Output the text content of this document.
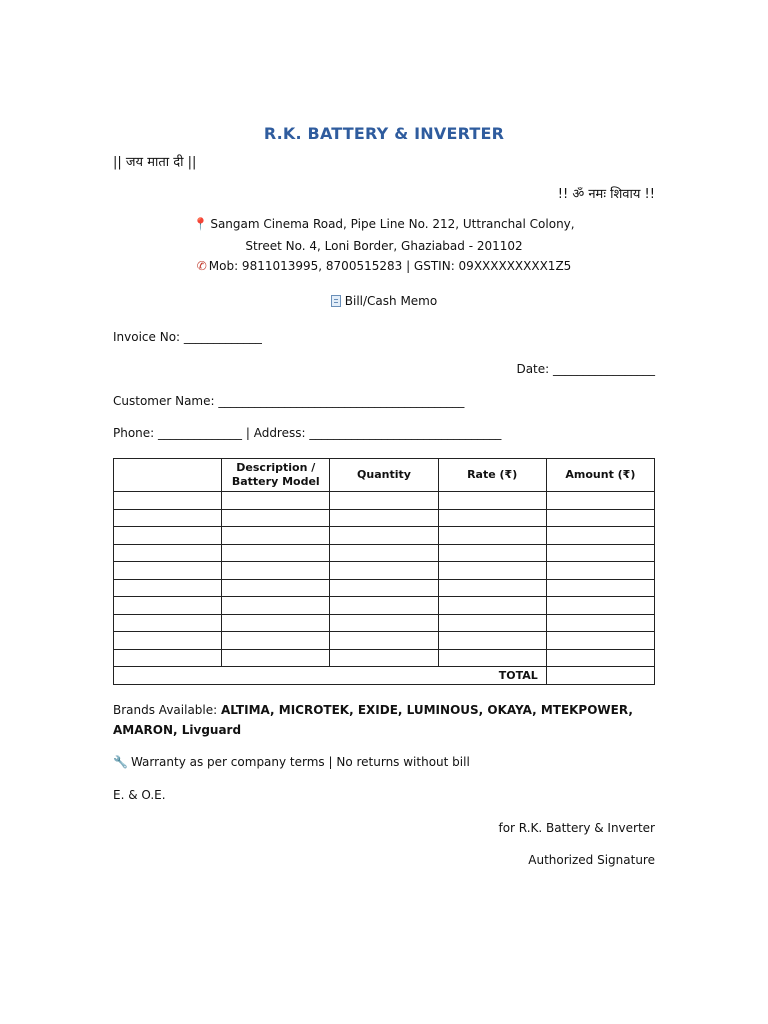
R.K. BATTERY & INVERTER
|| जय माता दी ||
!! ॐ नमः शिवाय !!
📍 Sangam Cinema Road, Pipe Line No. 212, Uttranchal Colony,
Street No. 4, Loni Border, Ghaziabad - 201102
✆ Mob: 9811013995, 8700515283 | GSTIN: 09XXXXXXXXX1Z5
Bill/Cash Memo
Invoice No: _____________
Date: _________________
Customer Name: _________________________________________
Phone: ______________ | Address: ________________________________
	Description / Battery Model	Quantity	Rate (₹)	Amount (₹)

TOTAL				
Brands Available: ALTIMA, MICROTEK, EXIDE, LUMINOUS, OKAYA, MTEKPOWER, AMARON, Livguard
🔧 Warranty as per company terms | No returns without bill
E. & O.E.
for R.K. Battery & Inverter
Authorized Signature
